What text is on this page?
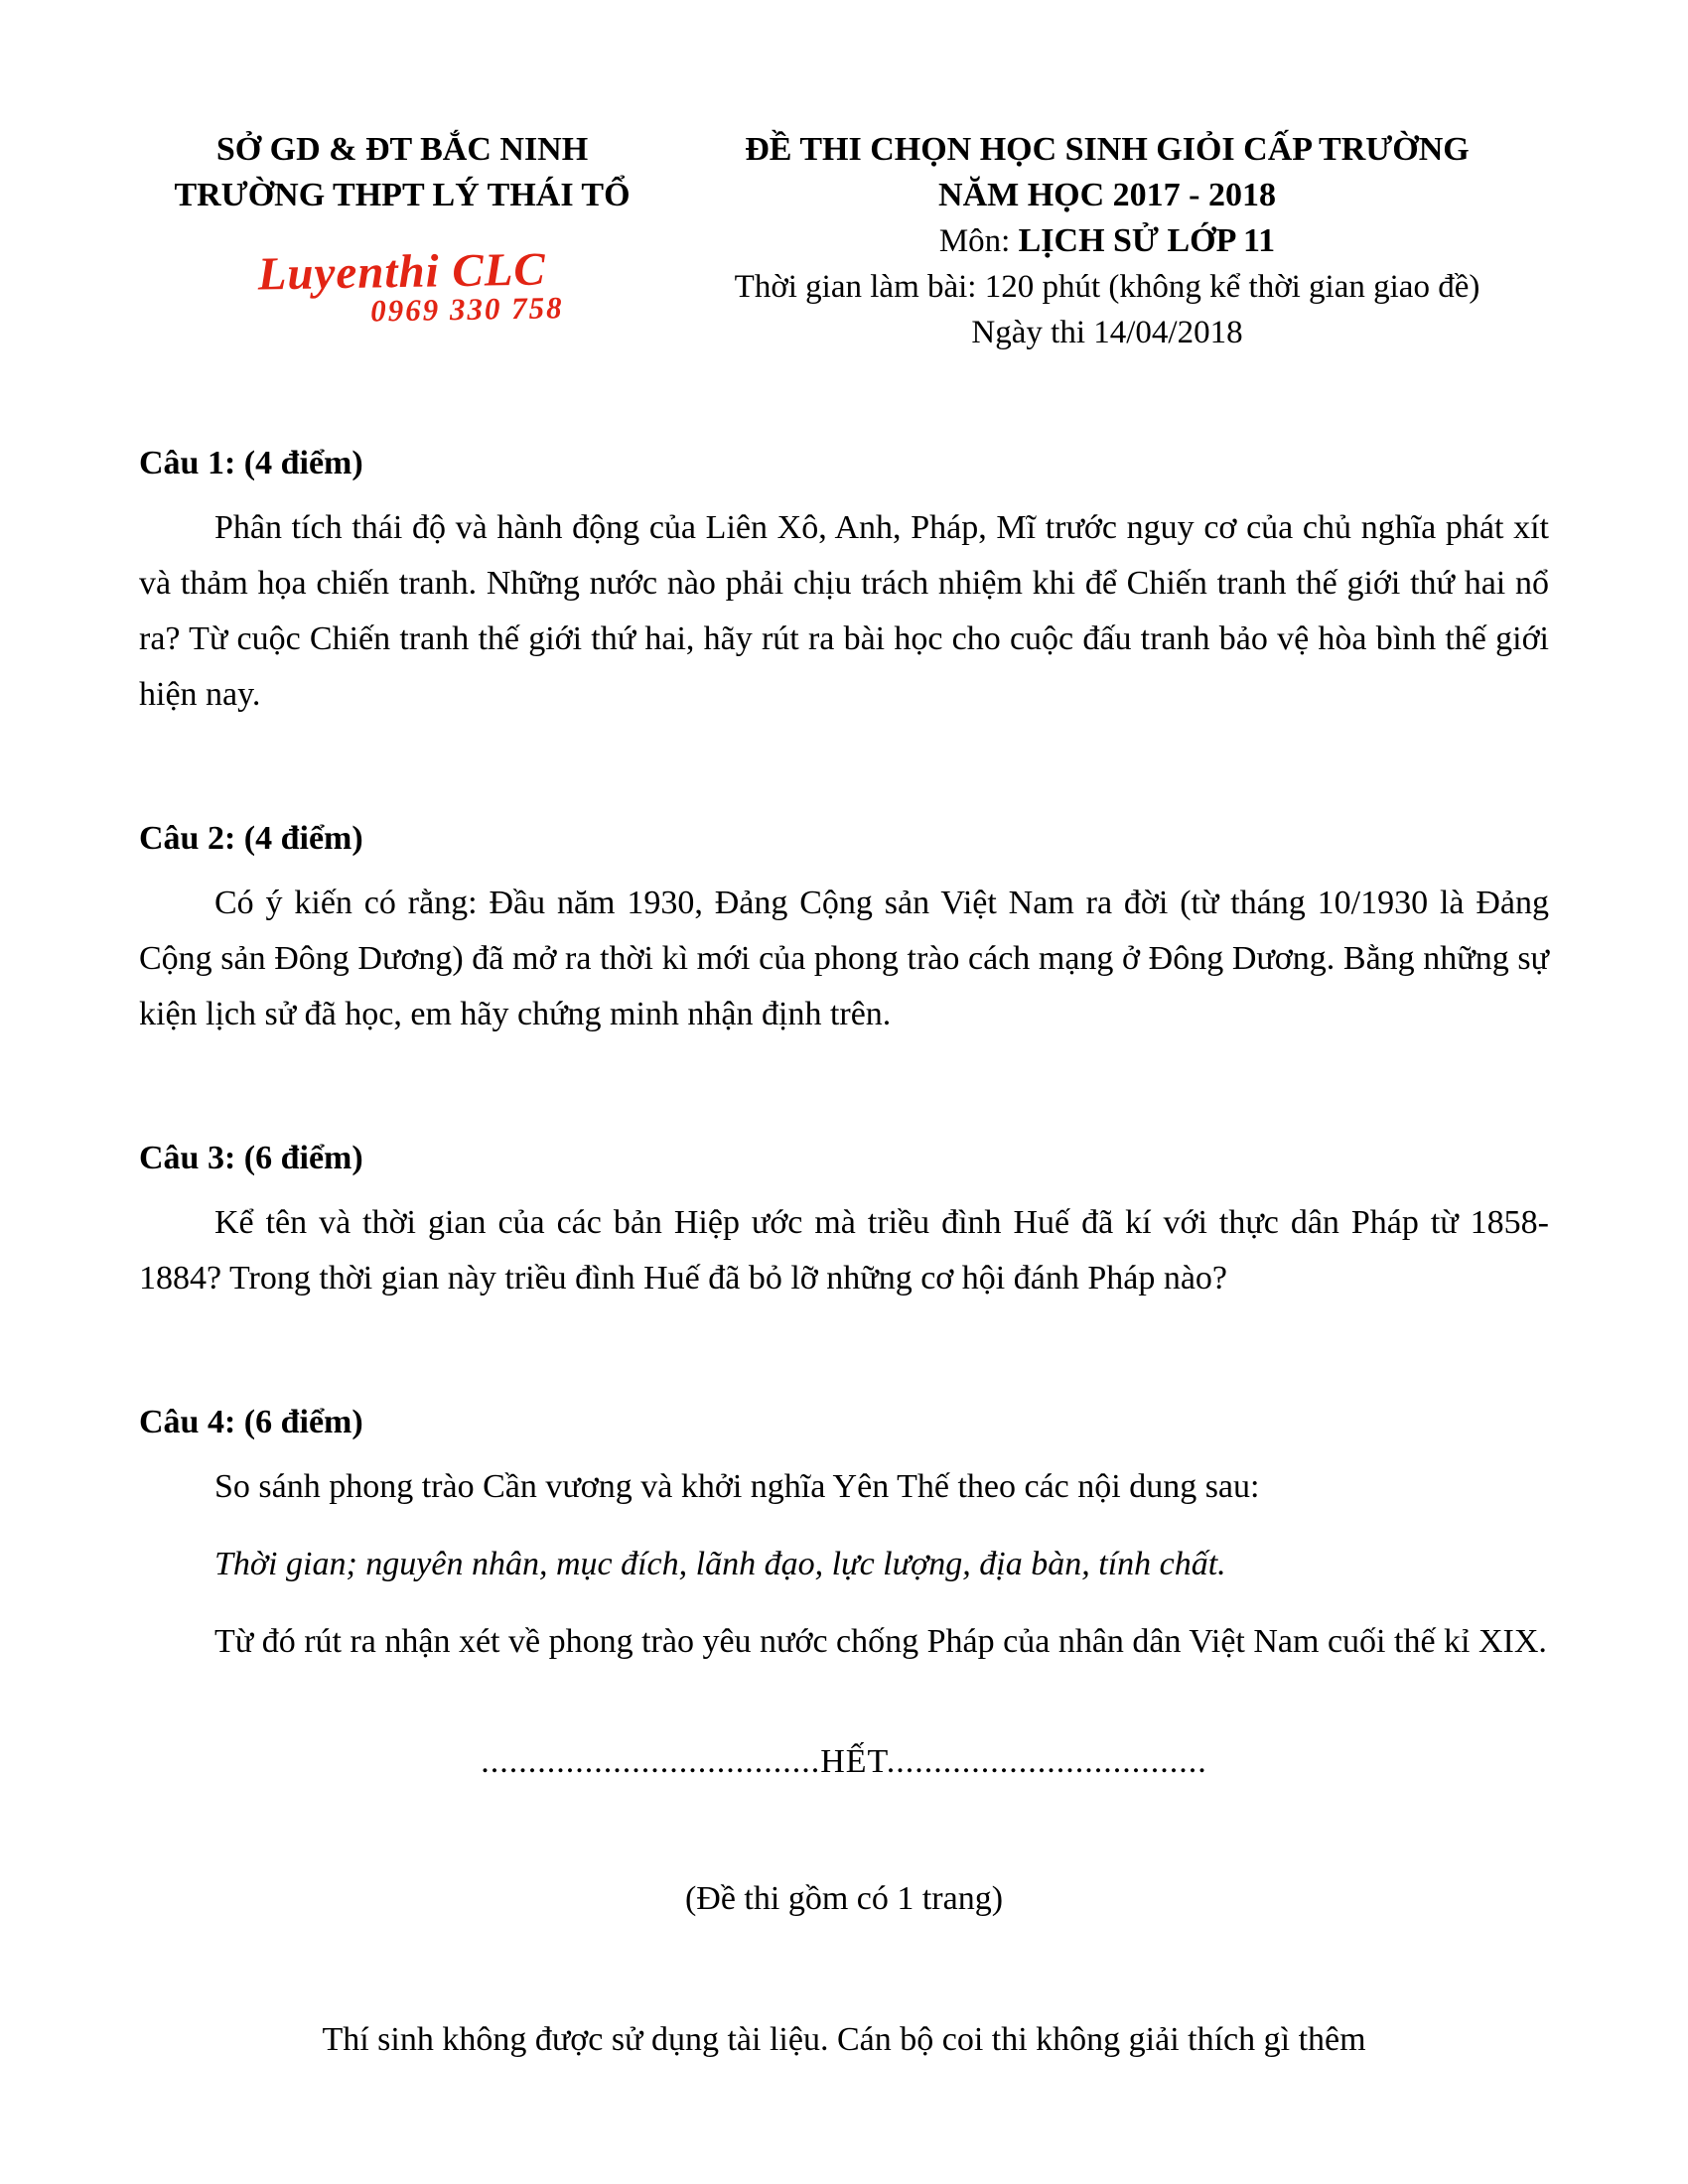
SỞ GD & ĐT BẮC NINH
TRƯỜNG THPT LÝ THÁI TỔ
Luyenthi CLC
0969 330 758
ĐỀ THI CHỌN HỌC SINH GIỎI CẤP TRƯỜNG
NĂM HỌC 2017 - 2018
Môn: LỊCH SỬ LỚP 11
Thời gian làm bài: 120 phút (không kể thời gian giao đề)
Ngày thi 14/04/2018
Câu 1: (4 điểm)

Phân tích thái độ và hành động của Liên Xô, Anh, Pháp, Mĩ trước nguy cơ của chủ nghĩa phát xít và thảm họa chiến tranh. Những nước nào phải chịu trách nhiệm khi để Chiến tranh thế giới thứ hai nổ ra? Từ cuộc Chiến tranh thế giới thứ hai, hãy rút ra bài học cho cuộc đấu tranh bảo vệ hòa bình thế giới hiện nay.

Câu 2: (4 điểm)

Có ý kiến có rằng: Đầu năm 1930, Đảng Cộng sản Việt Nam ra đời (từ tháng 10/1930 là Đảng Cộng sản Đông Dương) đã mở ra thời kì mới của phong trào cách mạng ở Đông Dương. Bằng những sự kiện lịch sử đã học, em hãy chứng minh nhận định trên.

Câu 3: (6 điểm)

Kể tên và thời gian của các bản Hiệp ước mà triều đình Huế đã kí với thực dân Pháp từ 1858-1884? Trong thời gian này triều đình Huế đã bỏ lỡ những cơ hội đánh Pháp nào?

Câu 4: (6 điểm)

So sánh phong trào Cần vương và khởi nghĩa Yên Thế theo các nội dung sau:

Thời gian; nguyên nhân, mục đích, lãnh đạo, lực lượng, địa bàn, tính chất.

Từ đó rút ra nhận xét về phong trào yêu nước chống Pháp của nhân dân Việt Nam cuối thế kỉ XIX.

....................................HẾT..................................
(Đề thi gồm có 1 trang)
Thí sinh không được sử dụng tài liệu. Cán bộ coi thi không giải thích gì thêm
